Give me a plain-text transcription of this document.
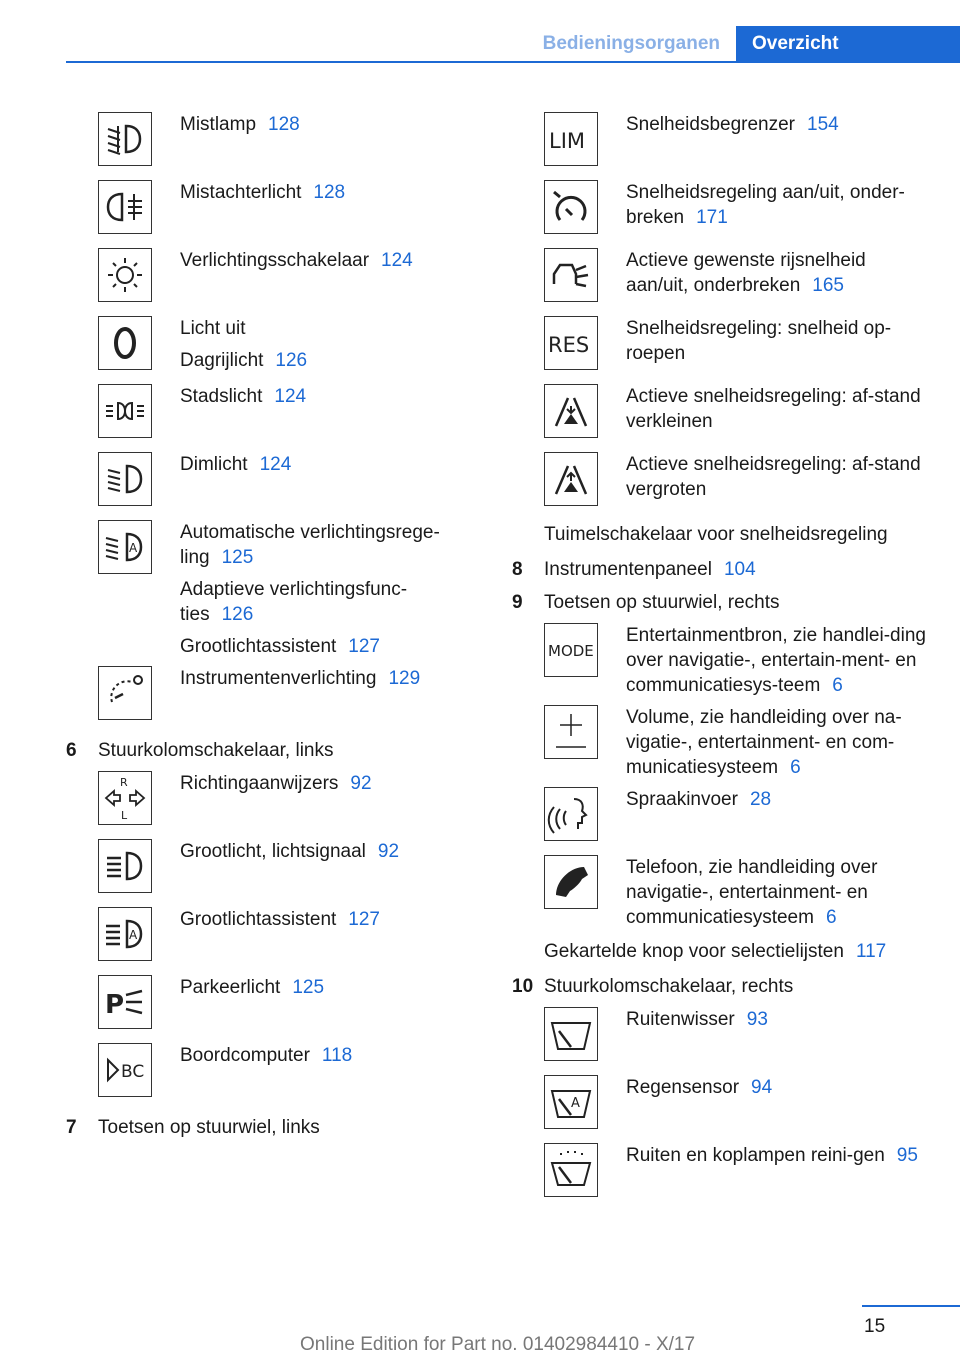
Bedieningsorganen	Overzicht

Mistlamp 128

Mistachterlicht 128

Verlichtingsschakelaar 124

Licht uit

Dagrijlicht 126

Stadslicht 124

Dimlicht 124

A

Automatische verlichtingsrege-ling 125

Adaptieve verlichtingsfunc-ties 126

Grootlichtassistent 127

Instrumentenverlichting 129

6	Stuurkolomschakelaar, links
R
L

Richtingaanwijzers 92

Grootlicht, lichtsignaal 92

A

Grootlichtassistent 127

P

Parkeerlicht 125

BC

Boordcomputer 118

7	Toetsen op stuurwiel, links
LIM

Snelheidsbegrenzer 154

Snelheidsregeling aan/uit, onder-breken 171

Actieve gewenste rijsnelheid aan/uit, onderbreken 165

RES

Snelheidsregeling: snelheid op-roepen

Actieve snelheidsregeling: af-stand verkleinen

Actieve snelheidsregeling: af-stand vergroten

Tuimelschakelaar voor snelheidsregeling
8	Instrumentenpaneel 104
9	Toetsen op stuurwiel, rechts
MODE

Entertainmentbron, zie handlei-ding over navigatie-, entertain-ment- en communicatiesys-teem 6

Volume, zie handleiding over na-vigatie-, entertainment- en com-municatiesysteem 6

Spraakinvoer 28

Telefoon, zie handleiding over navigatie-, entertainment- en communicatiesysteem 6

Gekartelde knop voor selectielijsten 117
10 Stuurkolomschakelaar, rechts

Ruitenwisser 93

A

Regensensor 94

Ruiten en koplampen reini-gen 95

15
Online Edition for Part no. 01402984410 - X/17
